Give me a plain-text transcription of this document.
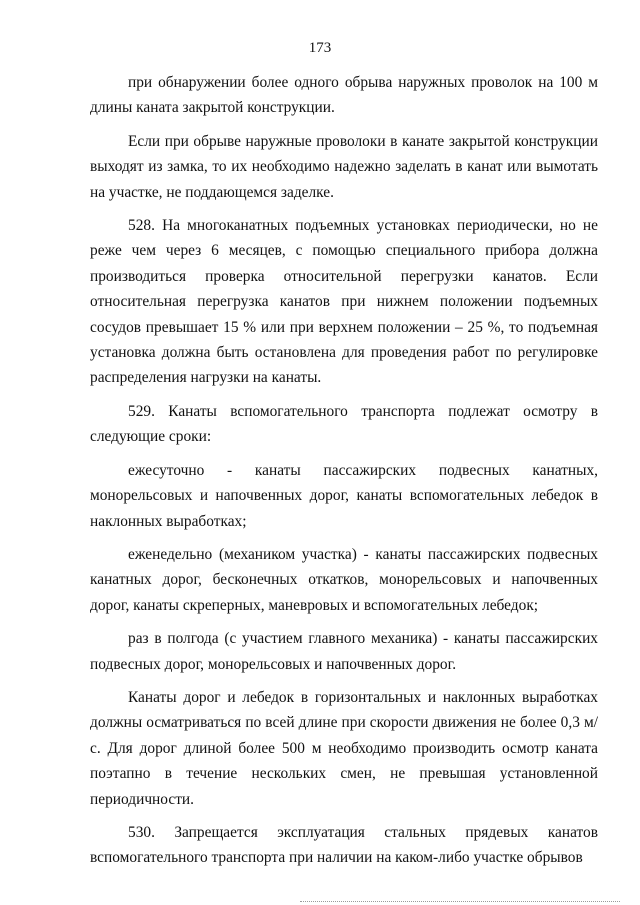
173

при обнаружении более одного обрыва наружных проволок на 100 м длины каната закрытой конструкции.

Если при обрыве наружные проволоки в канате закрытой конструкции выходят из замка, то их необходимо надежно заделать в канат или вымотать на участке, не поддающемся заделке.

528. На многоканатных подъемных установках периодически, но не реже чем через 6 месяцев, с помощью специального прибора должна производиться проверка относительной перегрузки канатов. Если относительная перегрузка канатов при нижнем положении подъемных сосудов превышает 15 % или при верхнем положении – 25 %, то подъемная установка должна быть остановлена для проведения работ по регулировке распределения нагрузки на канаты.

529. Канаты вспомогательного транспорта подлежат осмотру в следующие сроки:

ежесуточно - канаты пассажирских подвесных канатных, монорельсовых и напочвенных дорог, канаты вспомогательных лебедок в наклонных выработках;

еженедельно (механиком участка) - канаты пассажирских подвесных канатных дорог, бесконечных откатков, монорельсовых и напочвенных дорог, канаты скреперных, маневровых и вспомогательных лебедок;

раз в полгода (с участием главного механика) - канаты пассажирских подвесных дорог, монорельсовых и напочвенных дорог.

Канаты дорог и лебедок в горизонтальных и наклонных выработках должны осматриваться по всей длине при скорости движения не более 0,3 м/с. Для дорог длиной более 500 м необходимо производить осмотр каната поэтапно в течение нескольких смен, не превышая установленной периодичности.

530. Запрещается эксплуатация стальных прядевых канатов вспомогательного транспорта при наличии на каком-либо участке обрывов
